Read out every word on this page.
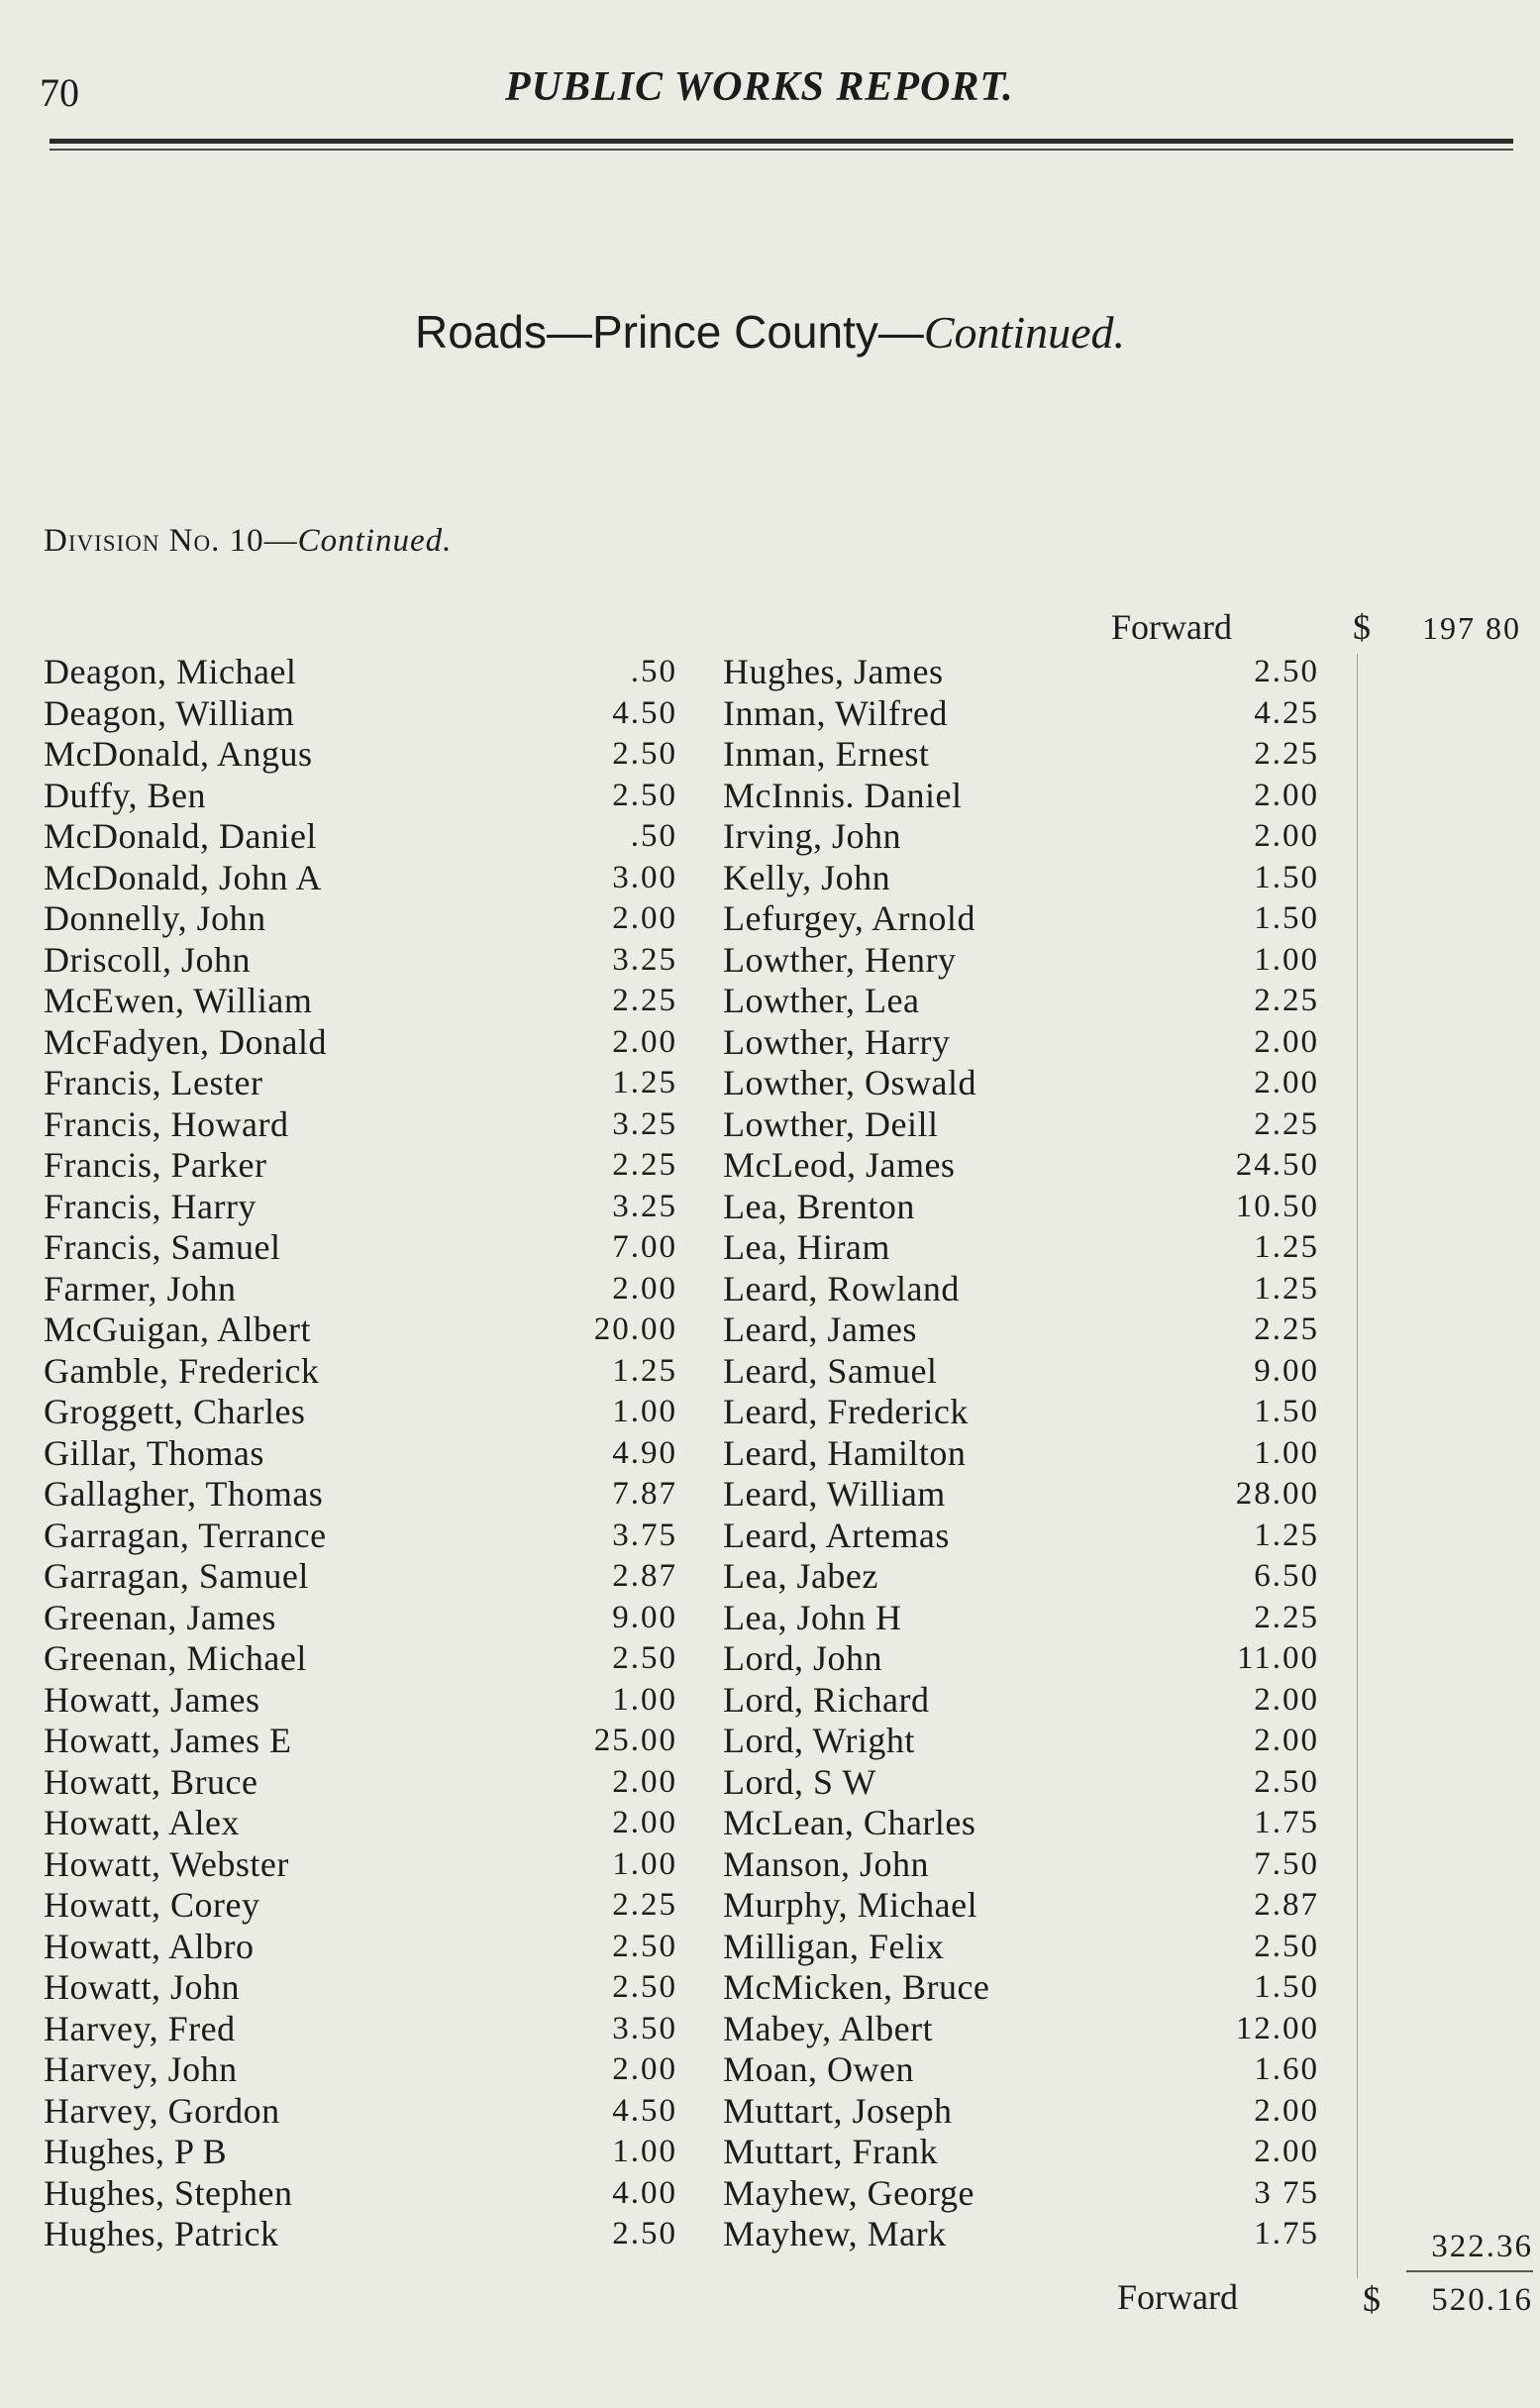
70	PUBLIC WORKS REPORT.
Roads—Prince County—Continued.
Division No. 10—Continued.
Forward	$ 197 80
Deagon, Michael	.50
Deagon, William	4.50
McDonald, Angus	2.50
Duffy, Ben	2.50
McDonald, Daniel	.50
McDonald, John A	3.00
Donnelly, John	2.00
Driscoll, John	3.25
McEwen, William	2.25
McFadyen, Donald	2.00
Francis, Lester	1.25
Francis, Howard	3.25
Francis, Parker	2.25
Francis, Harry	3.25
Francis, Samuel	7.00
Farmer, John	2.00
McGuigan, Albert	20.00
Gamble, Frederick	1.25
Groggett, Charles	1.00
Gillar, Thomas	4.90
Gallagher, Thomas	7.87
Garragan, Terrance	3.75
Garragan, Samuel	2.87
Greenan, James	9.00
Greenan, Michael	2.50
Howatt, James	1.00
Howatt, James E	25.00
Howatt, Bruce	2.00
Howatt, Alex	2.00
Howatt, Webster	1.00
Howatt, Corey	2.25
Howatt, Albro	2.50
Howatt, John	2.50
Harvey, Fred	3.50
Harvey, John	2.00
Harvey, Gordon	4.50
Hughes, P B	1.00
Hughes, Stephen	4.00
Hughes, Patrick	2.50
Hughes, James	2.50
Inman, Wilfred	4.25
Inman, Ernest	2.25
McInnis. Daniel	2.00
Irving, John	2.00
Kelly, John	1.50
Lefurgey, Arnold	1.50
Lowther, Henry	1.00
Lowther, Lea	2.25
Lowther, Harry	2.00
Lowther, Oswald	2.00
Lowther, Deill	2.25
McLeod, James	24.50
Lea, Brenton	10.50
Lea, Hiram	1.25
Leard, Rowland	1.25
Leard, James	2.25
Leard, Samuel	9.00
Leard, Frederick	1.50
Leard, Hamilton	1.00
Leard, William	28.00
Leard, Artemas	1.25
Lea, Jabez	6.50
Lea, John H	2.25
Lord, John	11.00
Lord, Richard	2.00
Lord, Wright	2.00
Lord, S W	2.50
McLean, Charles	1.75
Manson, John	7.50
Murphy, Michael	2.87
Milligan, Felix	2.50
McMicken, Bruce	1.50
Mabey, Albert	12.00
Moan, Owen	1.60
Muttart, Joseph	2.00
Muttart, Frank	2.00
Mayhew, George	3 75
Mayhew, Mark	1.75	322.36
Forward	$	520.16
